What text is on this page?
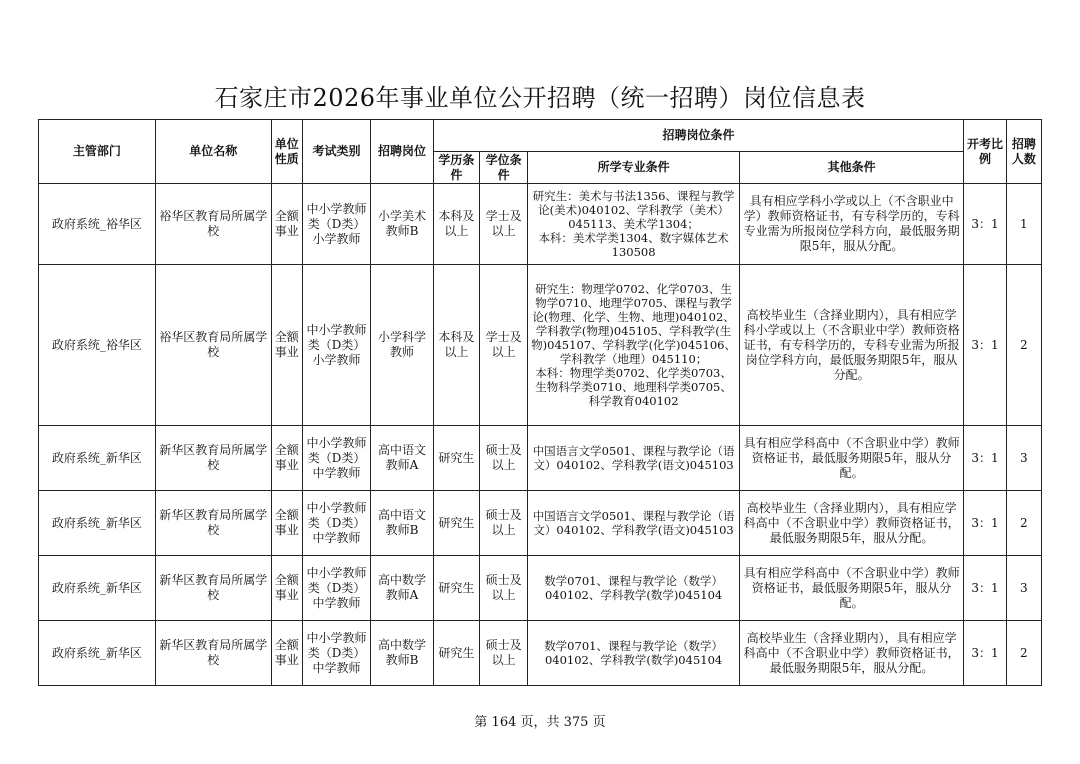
石家庄市2026年事业单位公开招聘（统一招聘）岗位信息表
主管部门	单位名称	单位性质	考试类别	招聘岗位	招聘岗位条件				开考比例	招聘人数
					学历条件	学位条件	所学专业条件	其他条件		
政府系统_裕华区	裕华区教育局所属学校	全额事业	中小学教师类（D类）小学教师	小学美术教师B	本科及以上	学士及以上	研究生：美术与书法1356、课程与教学论(美术)040102、学科教学（美术）045113、美术学1304；
本科：美术学类1304、数字媒体艺术130508	具有相应学科小学或以上（不含职业中学）教师资格证书，有专科学历的，专科专业需为所报岗位学科方向，最低服务期限5年，服从分配。	3：1	1
政府系统_裕华区	裕华区教育局所属学校	全额事业	中小学教师类（D类）小学教师	小学科学教师	本科及以上	学士及以上	研究生：物理学0702、化学0703、生物学0710、地理学0705、课程与教学论(物理、化学、生物、地理)040102、学科教学(物理)045105、学科教学(生物)045107、学科教学(化学)045106、学科教学（地理）045110；
本科：物理学类0702、化学类0703、生物科学类0710、地理科学类0705、科学教育040102	高校毕业生（含择业期内），具有相应学科小学或以上（不含职业中学）教师资格证书，有专科学历的，专科专业需为所报岗位学科方向，最低服务期限5年，服从分配。	3：1	2
政府系统_新华区	新华区教育局所属学校	全额事业	中小学教师类（D类）中学教师	高中语文教师A	研究生	硕士及以上	中国语言文学0501、课程与教学论（语文）040102、学科教学(语文)045103	具有相应学科高中（不含职业中学）教师资格证书，最低服务期限5年，服从分配。	3：1	3
政府系统_新华区	新华区教育局所属学校	全额事业	中小学教师类（D类）中学教师	高中语文教师B	研究生	硕士及以上	中国语言文学0501、课程与教学论（语文）040102、学科教学(语文)045103	高校毕业生（含择业期内），具有相应学科高中（不含职业中学）教师资格证书，最低服务期限5年，服从分配。	3：1	2
政府系统_新华区	新华区教育局所属学校	全额事业	中小学教师类（D类）中学教师	高中数学教师A	研究生	硕士及以上	数学0701、课程与教学论（数学）040102、学科教学(数学)045104	具有相应学科高中（不含职业中学）教师资格证书，最低服务期限5年，服从分配。	3：1	3
政府系统_新华区	新华区教育局所属学校	全额事业	中小学教师类（D类）中学教师	高中数学教师B	研究生	硕士及以上	数学0701、课程与教学论（数学）040102、学科教学(数学)045104	高校毕业生（含择业期内），具有相应学科高中（不含职业中学）教师资格证书，最低服务期限5年，服从分配。	3：1	2
第 164 页，共 375 页
